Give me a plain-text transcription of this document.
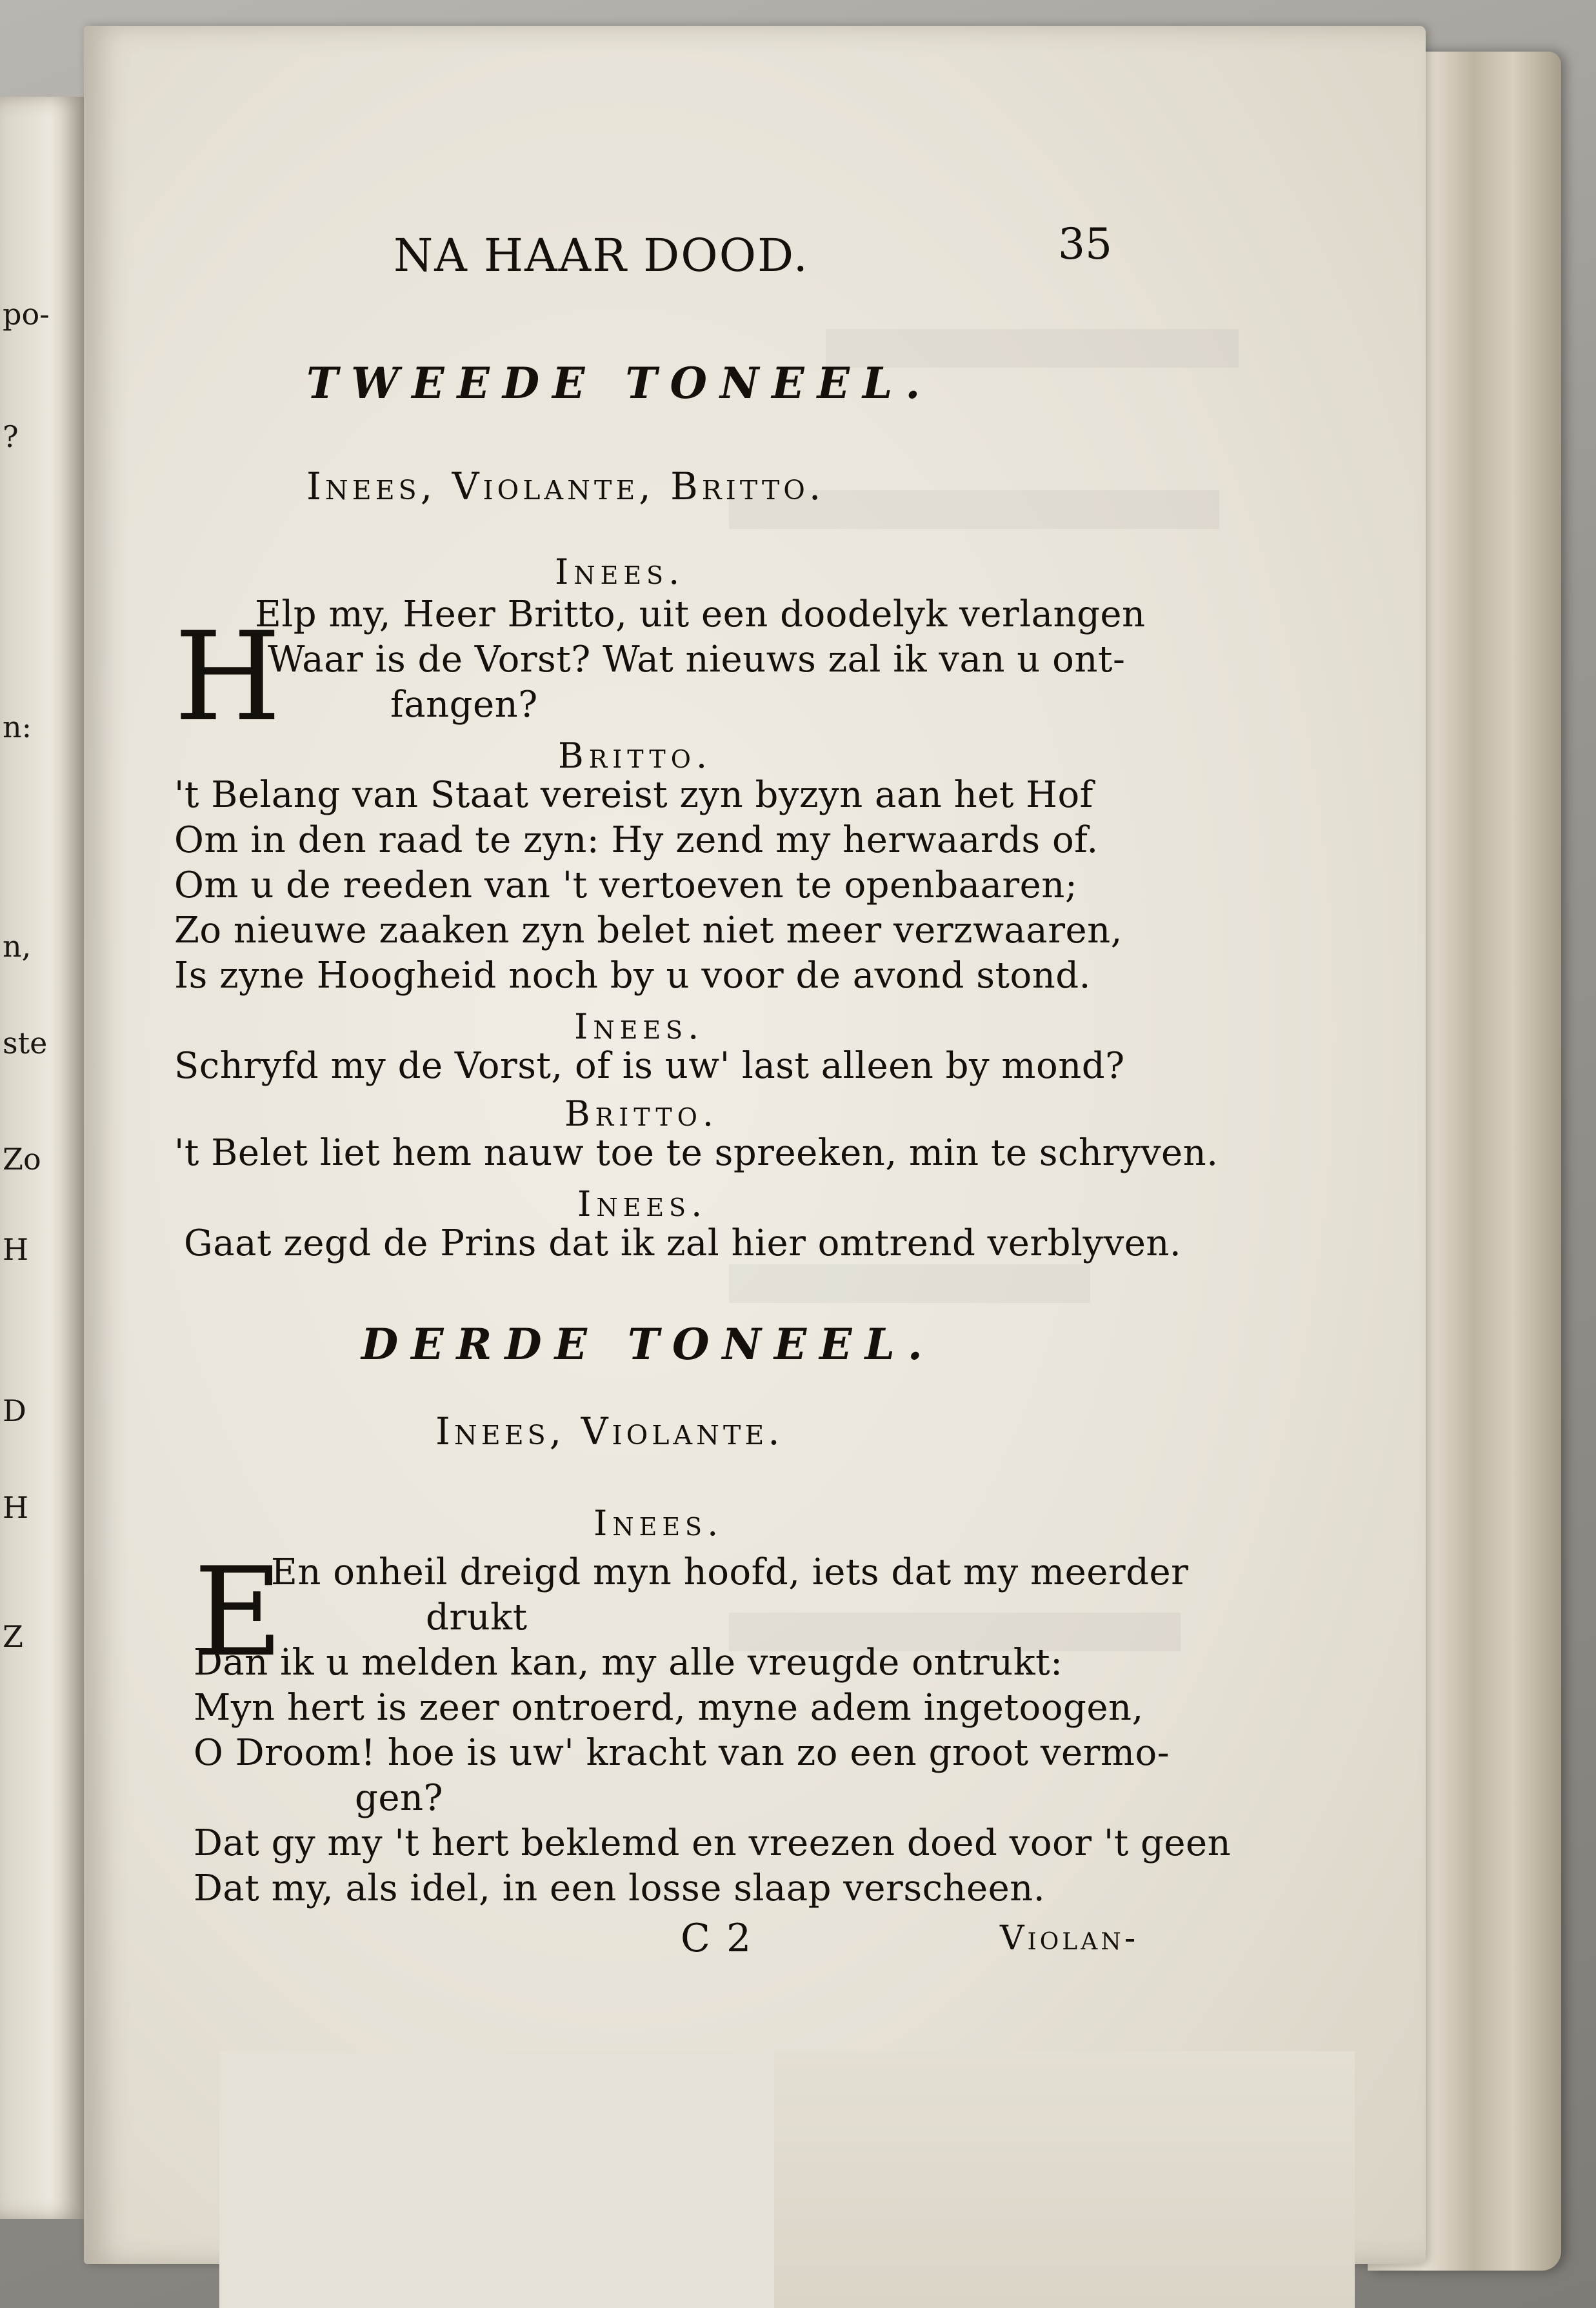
po-
?
n:
n,
ste
Zo
H
D
H
Z

NA HAAR DOOD.	35

TWEEDE TONEEL.

Inees, Violante, Britto.

Inees.

H

Elp my, Heer Britto, uit een doodelyk verlangen

Waar is de Vorst? Wat nieuws zal ik van u ont-

fangen?

Britto.

't Belang van Staat vereist zyn byzyn aan het Hof

Om in den raad te zyn: Hy zend my herwaards of.

Om u de reeden van 't vertoeven te openbaaren;

Zo nieuwe zaaken zyn belet niet meer verzwaaren,

Is zyne Hoogheid noch by u voor de avond stond.

Inees.

Schryfd my de Vorst, of is uw' last alleen by mond?

Britto.

't Belet liet hem nauw toe te spreeken, min te schryven.

Inees.

Gaat zegd de Prins dat ik zal hier omtrend verblyven.

DERDE TONEEL.

Inees, Violante.

Inees.

E

En onheil dreigd myn hoofd, iets dat my meerder

drukt

Dan ik u melden kan, my alle vreugde ontrukt:

Myn hert is zeer ontroerd, myne adem ingetoogen,

O Droom! hoe is uw' kracht van zo een groot vermo-

gen?

Dat gy my 't hert beklemd en vreezen doed voor 't geen

Dat my, als idel, in een losse slaap verscheen.

C 2	Violan-
